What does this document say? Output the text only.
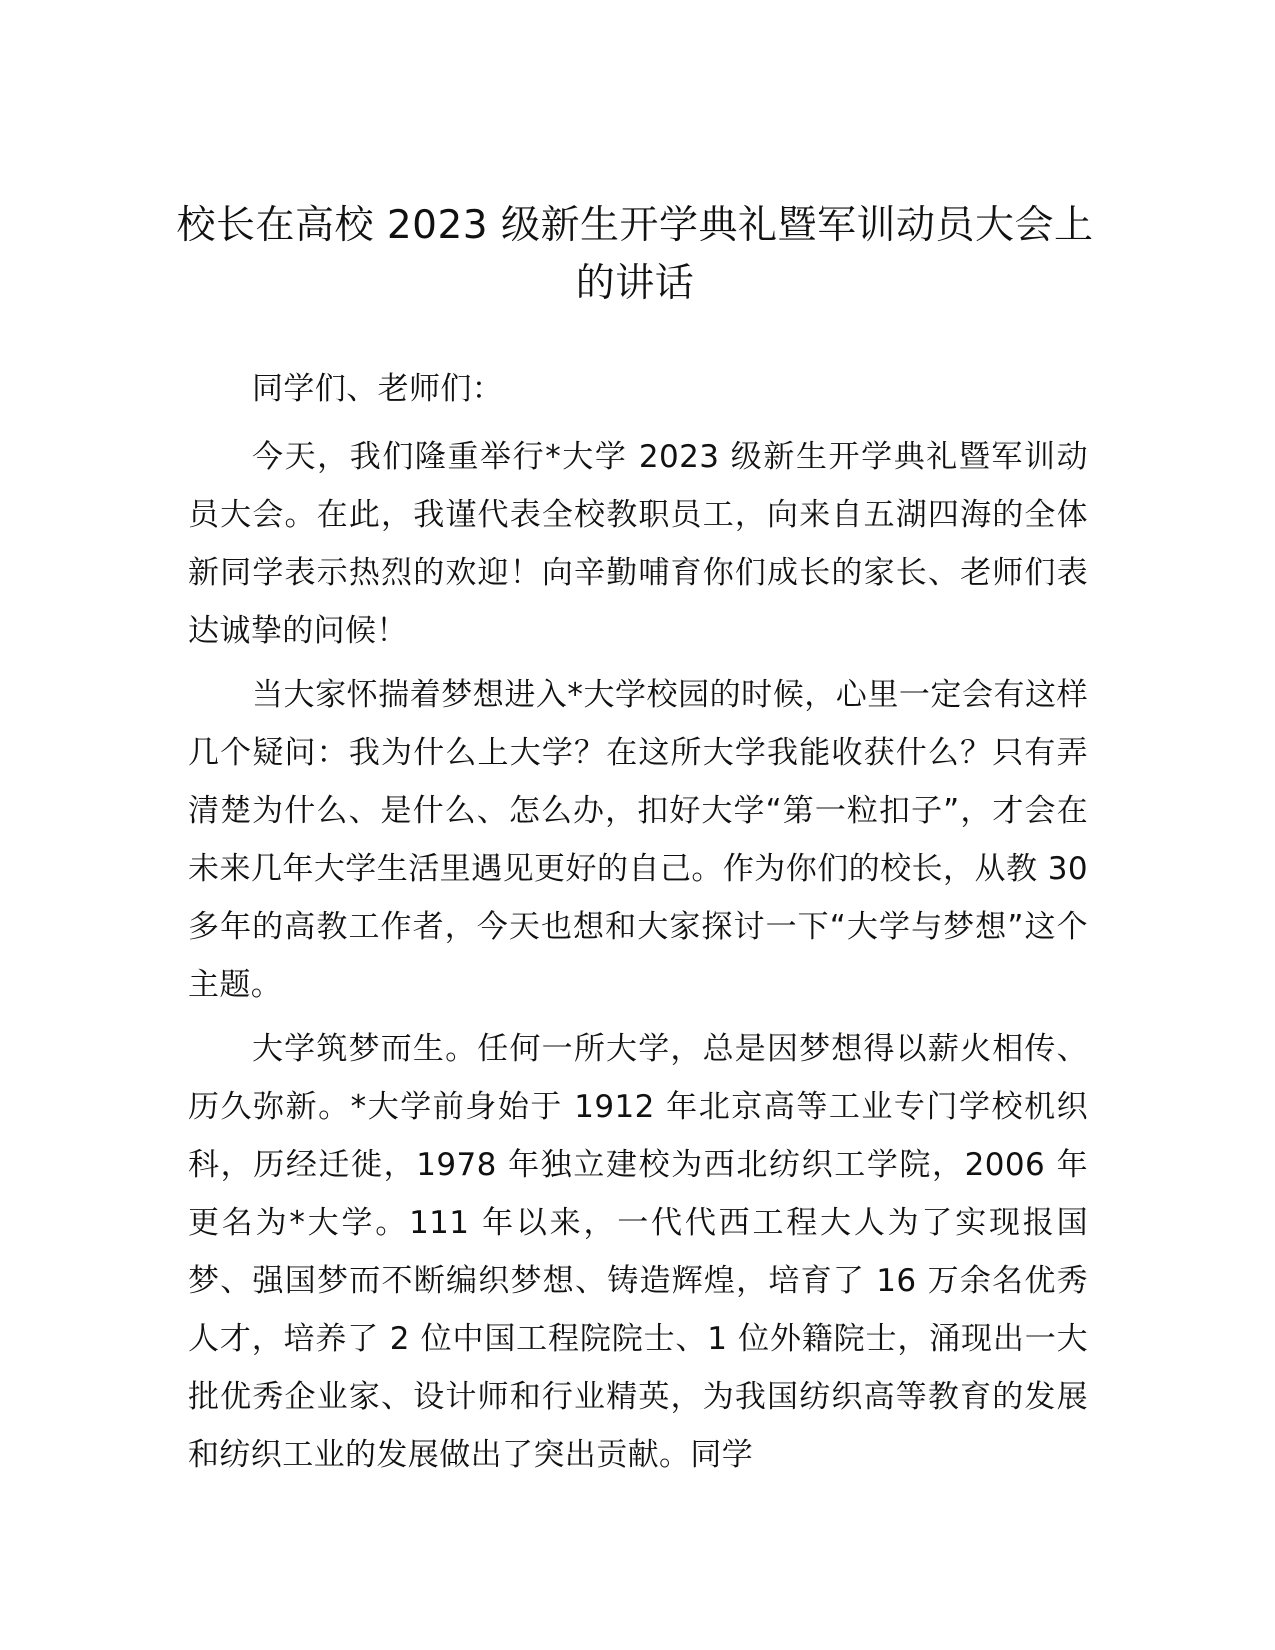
校长在高校 2023 级新生开学典礼暨军训动员大会上的讲话

同学们、老师们：

今天，我们隆重举行*大学 2023 级新生开学典礼暨军训动员大会。在此，我谨代表全校教职员工，向来自五湖四海的全体新同学表示热烈的欢迎！向辛勤哺育你们成长的家长、老师们表达诚挚的问候！

当大家怀揣着梦想进入*大学校园的时候，心里一定会有这样几个疑问：我为什么上大学？在这所大学我能收获什么？只有弄清楚为什么、是什么、怎么办，扣好大学“第一粒扣子”，才会在未来几年大学生活里遇见更好的自己。作为你们的校长，从教 30 多年的高教工作者，今天也想和大家探讨一下“大学与梦想”这个主题。

大学筑梦而生。任何一所大学，总是因梦想得以薪火相传、历久弥新。*大学前身始于 1912 年北京高等工业专门学校机织科，历经迁徙，1978 年独立建校为西北纺织工学院，2006 年更名为*大学。111 年以来，一代代西工程大人为了实现报国梦、强国梦而不断编织梦想、铸造辉煌，培育了 16 万余名优秀人才，培养了 2 位中国工程院院士、1 位外籍院士，涌现出一大批优秀企业家、设计师和行业精英，为我国纺织高等教育的发展和纺织工业的发展做出了突出贡献。同学
